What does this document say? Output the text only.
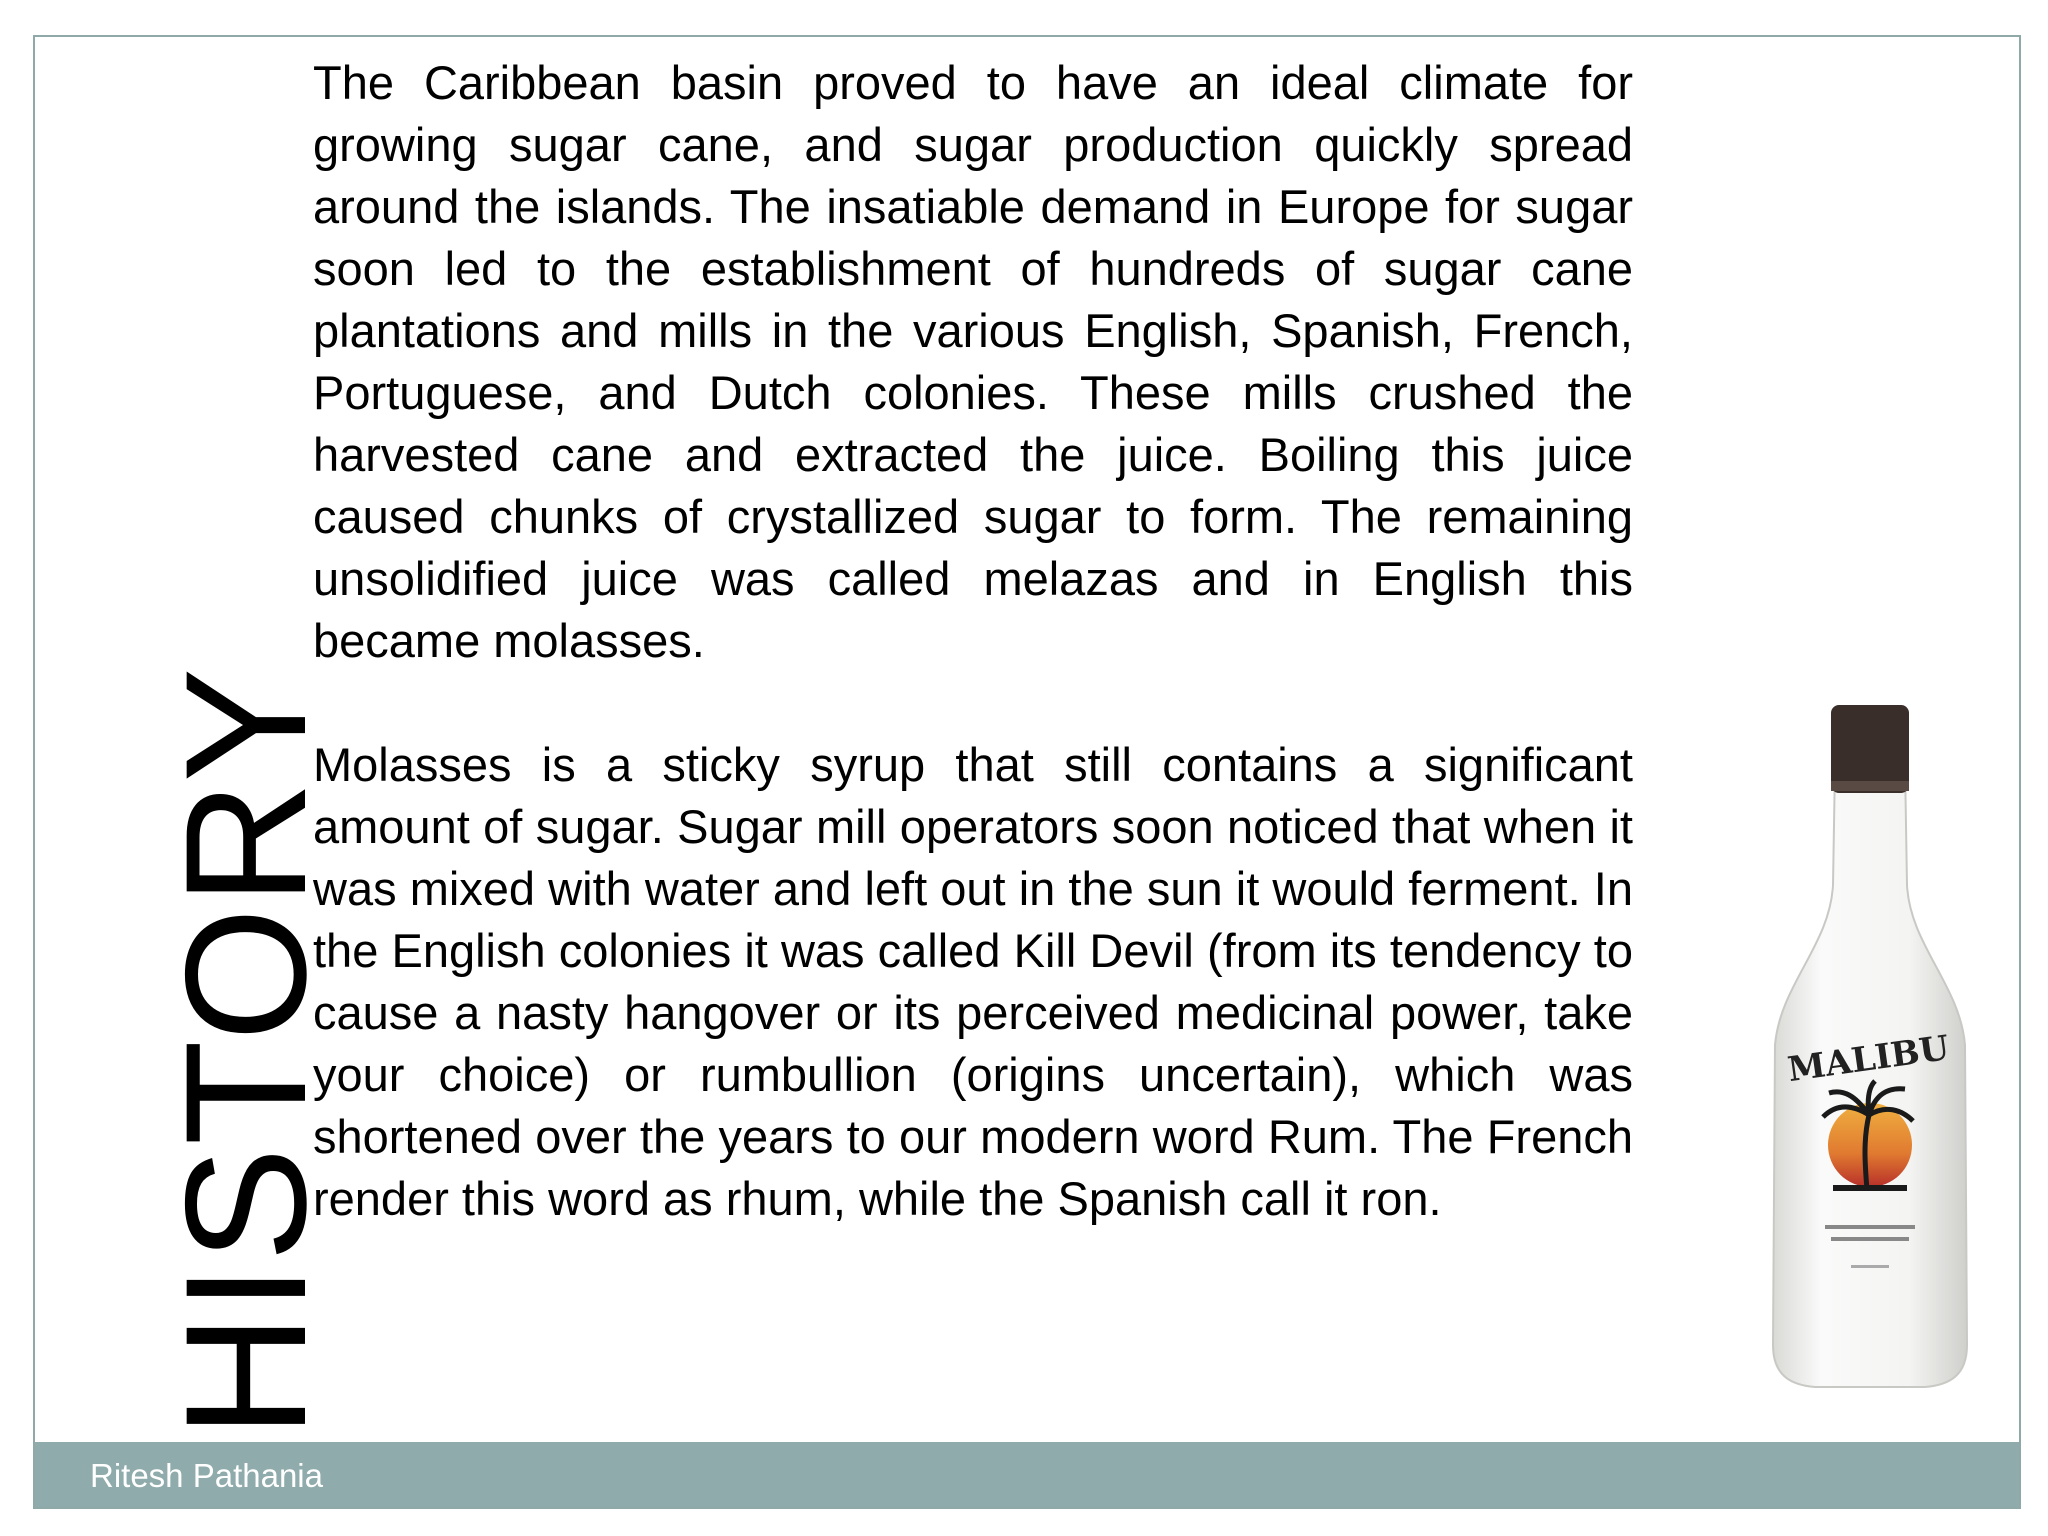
HISTORY

The Caribbean basin proved to have an ideal climate for growing sugar cane, and sugar production quickly spread around the islands. The insatiable demand in Europe for sugar soon led to the establishment of hundreds of sugar cane plantations and mills in the various English, Spanish, French, Portuguese, and Dutch colonies. These mills crushed the harvested cane and extracted the juice. Boiling this juice caused chunks of crystallized sugar to form. The remaining unsolidified juice was called melazas and in English this became molasses.

Molasses is a sticky syrup that still contains a significant amount of sugar. Sugar mill operators soon noticed that when it was mixed with water and left out in the sun it would ferment. In the English colonies it was called Kill Devil (from its tendency to cause a nasty hangover or its perceived medicinal power, take your choice) or rumbullion (origins uncertain), which was shortened over the years to our modern word Rum. The French render this word as rhum, while the Spanish call it ron.

MALIBU
Ritesh Pathania
